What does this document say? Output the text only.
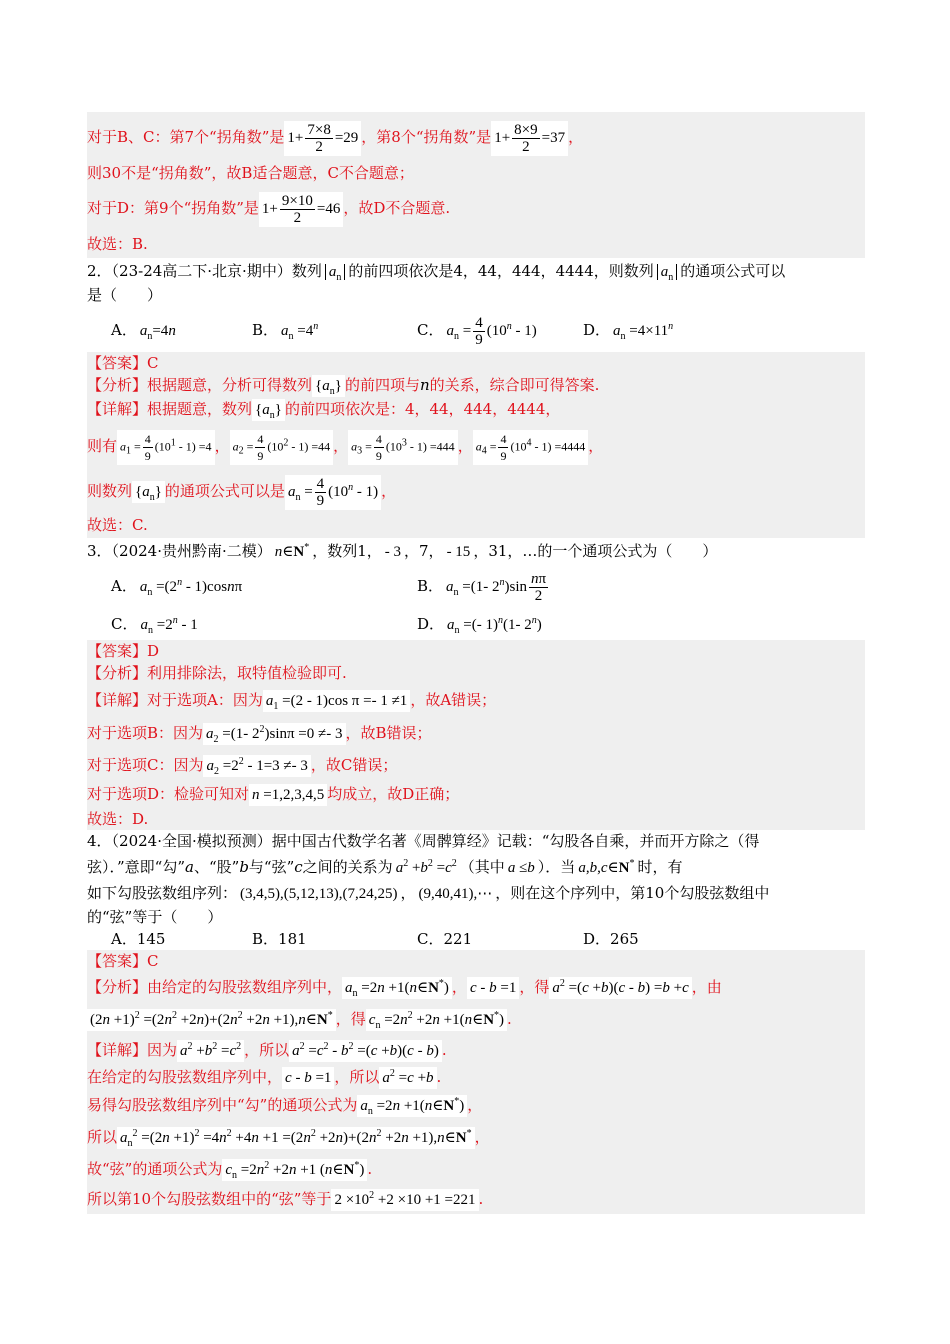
对于B、C：第7个“拐角数”是 $1+ \frac{7\times 8}{2} =29$ ，第8个“拐角数”是 $1+ \frac{8\times 9}{2} =37$ ，
则30不是“拐角数”，故B适合题意，C不合题意；
对于D：第9个“拐角数”是 $1+ \frac{9\times 10}{2} =46$ ，故D不合题意.
故选：B.
2．（23-24高二下·北京·期中）数列 $a_n$ 的前四项依次是4，44，444，4444，则数列 $a_n$ 的通项公式可以
是（　　）
A． $a_n=4n$	B． $a_n =4^n$	C． $a_n = \frac{4}{9} (10^n - 1)$	D． $a_n =4\times 11^n$
【答案】C
【分析】根据题意，分析可得数列 $\{a_n\}$ 的前四项与n的关系，综合即可得答案.
【详解】根据题意，数列 $\{a_n\}$ 的前四项依次是：4，44，444，4444，
则有 $a_1 = \frac{4}{9} (10^1 - 1) =4$ ， $a_2 = \frac{4}{9} (10^2 - 1) =44$ ， $a_3 = \frac{4}{9} (10^3 - 1) =444$ ， $a_4 = \frac{4}{9} (10^4 - 1) =4444$ ，
则数列 $\{a_n\}$ 的通项公式可以是 $a_n = \frac{4}{9} (10^n - 1)$ ，
故选：C.
3．（2024·贵州黔南·二模） n∈N* ，数列1， - 3 ，7， - 15 ，31，…的一个通项公式为（　　）
A． $a_n =(2^n - 1)\cos n\pi$	B． $a_n =(1-$ $2^n)\sin \frac{n\pi}{2}$
C． $a_n =2^n - 1$	D． $a_n$ =(- 1)$^n$(1- 2$^n$)
【答案】D
【分析】利用排除法，取特值检验即可.
【详解】对于选项A：因为 $a_1 =(2 - 1)\cos$ π =- 1 ≠1 ，故A错误；
对于选项B：因为 $a_2 =(1-$ $2^2)\sin\pi =0 \ne- 3$ ，故B错误；
对于选项C：因为 $a_2 =2^2 - 1=3 \ne- 3$ ，故C错误；
对于选项D：检验可知对 n =1,2,3,4,5 均成立，故D正确；
故选：D.
4．（2024·全国·模拟预测）据中国古代数学名著《周髀算经》记载：“勾股各自乘，并而开方除之（得
弦）．”意即“勾”a、“股”b与“弦”c之间的关系为 $a^2 +b^2 =c^2$ （其中 a ≤b ）．当 a,b,c∈N* 时，有
如下勾股弦数组序列： (3,4,5),(5,12,13),(7,24,25) ， (9,40,41),⋯ ，则在这个序列中，第10个勾股弦数组中
的“弦”等于（　　）
A．145	B．181	C．221	D．265
【答案】C
【分析】由给定的勾股弦数组序列中， $a_n =2n$ +1(n∈N*) ， c - b =1 ，得 $a^2 =(c +b)(c - b) =b +c$ ，由
$(2n +1)^2 =(2n^2 +2n)+(2n^2 +2n$ +1),n∈N* ，得 $c_n =2n^2 +2n$ +1(n∈N*) .
【详解】因为 $a^2 +b^2 =c^2$ ，所以 $a^2 =c^2 - b^2 =(c +b)(c - b)$ .
在给定的勾股弦数组序列中， c - b =1 ，所以 $a^2 =c +b$ .
易得勾股弦数组序列中“勾”的通项公式为 $a_n =2n$ +1(n∈N*) ，
所以 $a_n^2 =(2n +1)^2 =4n^2 +4n +1 =(2n^2 +2n)+(2n^2 +2n$ +1),n∈N* ，
故“弦”的通项公式为 $c_n =2n^2 +2n +1$ (n∈N*) .
所以第10个勾股弦数组中的“弦”等于 $2 \times 10^2 +2 \times 10 +1 =221$ .
